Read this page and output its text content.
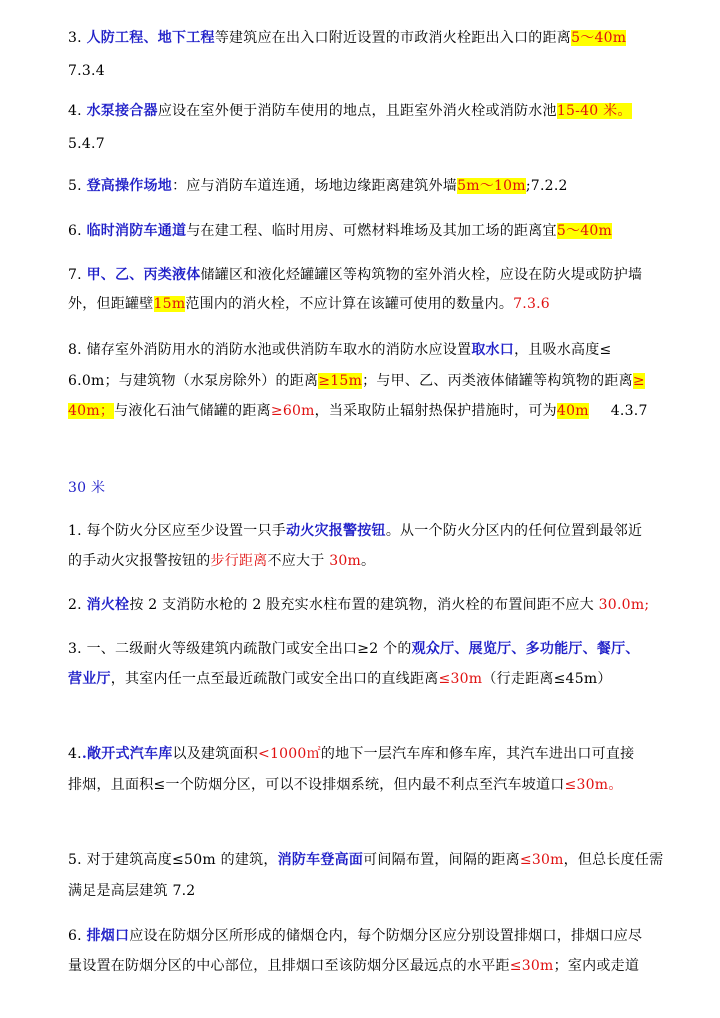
3. 人防工程、地下工程等建筑应在出入口附近设置的市政消火栓距出入口的距离5～40m
7.3.4
4. 水泵接合器应设在室外便于消防车使用的地点，且距室外消火栓或消防水池15-40 米。
5.4.7
5. 登高操作场地：应与消防车道连通，场地边缘距离建筑外墙5m～10m;7.2.2
6. 临时消防车通道与在建工程、临时用房、可燃材料堆场及其加工场的距离宜5～40m
7. 甲、乙、丙类液体储罐区和液化烃罐罐区等构筑物的室外消火栓，应设在防火堤或防护墙
外，但距罐壁15m范围内的消火栓，不应计算在该罐可使用的数量内。7.3.6
8. 储存室外消防用水的消防水池或供消防车取水的消防水应设置取水口，且吸水高度≤
6.0m；与建筑物（水泵房除外）的距离≥15m；与甲、乙、丙类液体储罐等构筑物的距离≥
40m；与液化石油气储罐的距离≥60m，当采取防止辐射热保护措施时，可为40m 4.3.7
30 米
1. 每个防火分区应至少设置一只手动火灾报警按钮。从一个防火分区内的任何位置到最邻近
的手动火灾报警按钮的步行距离不应大于 30m。
2. 消火栓按 2 支消防水枪的 2 股充实水柱布置的建筑物，消火栓的布置间距不应大 30.0m;
3. 一、二级耐火等级建筑内疏散门或安全出口≥2 个的观众厅、展览厅、多功能厅、餐厅、
营业厅，其室内任一点至最近疏散门或安全出口的直线距离≤30m（行走距离≤45m）
4..敞开式汽车库以及建筑面积<1000㎡的地下一层汽车库和修车库，其汽车进出口可直接
排烟，且面积≤一个防烟分区，可以不设排烟系统，但内最不利点至汽车坡道口≤30m。
5. 对于建筑高度≤50m 的建筑，消防车登高面可间隔布置，间隔的距离≤30m，但总长度任需
满足是高层建筑 7.2
6. 排烟口应设在防烟分区所形成的储烟仓内，每个防烟分区应分别设置排烟口，排烟口应尽
量设置在防烟分区的中心部位，且排烟口至该防烟分区最远点的水平距≤30m；室内或走道
